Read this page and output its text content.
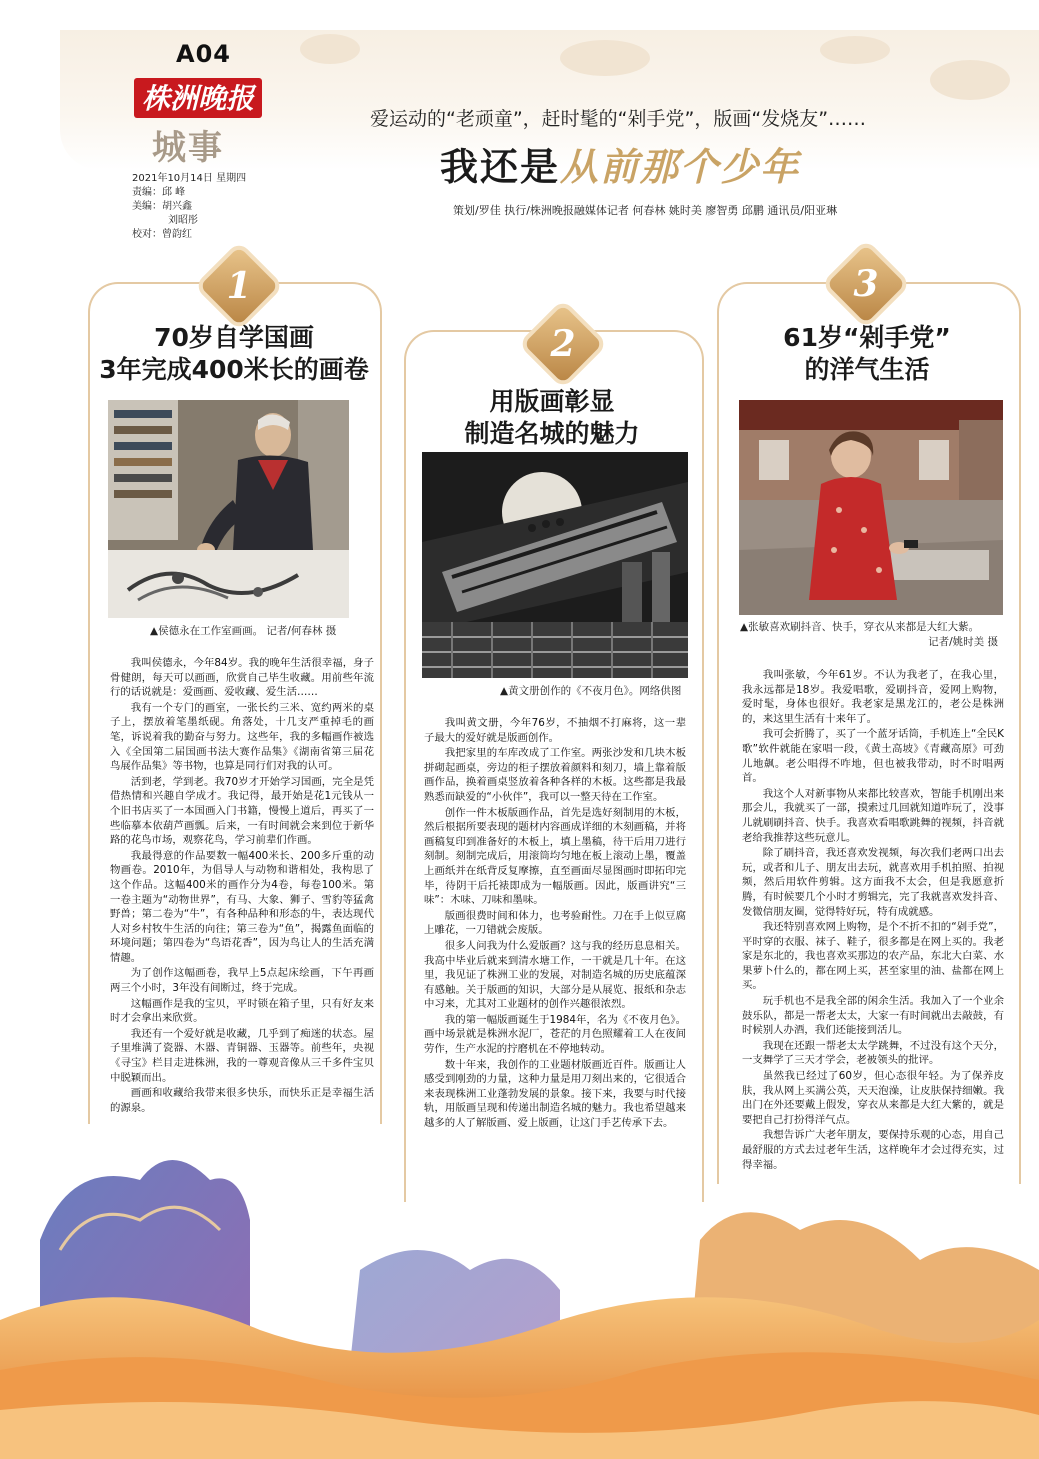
A04
株洲晚报
城事
2021年10月14日 星期四
责编：邱 峰
美编：胡兴鑫
刘昭彤
校对：曾韵红
爱运动的“老顽童”，赶时髦的“剁手党”，版画“发烧友”……
我还是从前那个少年
策划/罗佳 执行/株洲晚报融媒体记者 何春林 姚时美 廖智勇 邱鹏 通讯员/阳亚琳
1
2
3
70岁自学国画
3年完成400米长的画卷
▲侯德永在工作室画画。 记者/何春林 摄

我叫侯德永，今年84岁。我的晚年生活很幸福，身子骨健朗，每天可以画画，欣赏自己毕生收藏。用前些年流行的话说就是：爱画画、爱收藏、爱生活……

我有一个专门的画室，一张长约三米、宽约两米的桌子上，摆放着笔墨纸砚。角落处，十几支严重掉毛的画笔，诉说着我的勤奋与努力。这些年，我的多幅画作被选入《全国第二届国画书法大赛作品集》《湖南省第三届花鸟展作品集》等书物，也算是同行们对我的认可。

活到老，学到老。我70岁才开始学习国画，完全是凭借热情和兴趣自学成才。我记得，最开始是花1元钱从一个旧书店买了一本国画入门书籍，慢慢上道后，再买了一些临摹本依葫芦画瓢。后来，一有时间就会来到位于新华路的花鸟市场，观察花鸟，学习前辈们作画。

我最得意的作品要数一幅400米长、200多斤重的动物画卷。2010年，为倡导人与动物和谐相处，我构思了这个作品。这幅400米的画作分为4卷，每卷100米。第一卷主题为“动物世界”，有马、大象、狮子、雪豹等猛禽野兽；第二卷为“牛”，有各种品种和形态的牛，表达现代人对乡村牧牛生活的向往；第三卷为“鱼”，揭露鱼面临的环境问题；第四卷为“鸟语花香”，因为鸟让人的生活充满情趣。

为了创作这幅画卷，我早上5点起床绘画，下午再画两三个小时，3年没有间断过，终于完成。

这幅画作是我的宝贝，平时锁在箱子里，只有好友来时才会拿出来欣赏。

我还有一个爱好就是收藏，几乎到了痴迷的状态。屋子里堆满了瓷器、木器、青铜器、玉器等。前些年，央视《寻宝》栏目走进株洲，我的一尊观音像从三千多件宝贝中脱颖而出。

画画和收藏给我带来很多快乐，而快乐正是幸福生活的源泉。

用版画彰显
制造名城的魅力
▲黄文册创作的《不夜月色》。网络供图

我叫黄文册，今年76岁，不抽烟不打麻将，这一辈子最大的爱好就是版画创作。

我把家里的车库改成了工作室。两张沙发和几块木板拼砌起画桌，旁边的柜子摆放着颜料和刻刀，墙上靠着版画作品，换着画桌竖放着各种各样的木板。这些都是我最熟悉而缺爱的“小伙伴”，我可以一整天待在工作室。

创作一件木板版画作品，首先是选好刻制用的木板，然后根据所要表现的题材内容画成详细的木刻画稿，并将画稿复印到准备好的木板上，填上墨稿，待干后用刀进行刻制。刻制完成后，用滚筒均匀地在板上滚动上墨，覆盖上画纸并在纸背反复摩擦，直至画面尽显图画时即拓印完毕，待阴干后托裱即成为一幅版画。因此，版画讲究“三味”：木味、刀味和墨味。

版画很费时间和体力，也考验耐性。刀在手上似豆腐上雕花，一刀错就会废版。

很多人问我为什么爱版画？这与我的经历息息相关。我高中毕业后就来到清水塘工作，一干就是几十年。在这里，我见证了株洲工业的发展，对制造名城的历史底蕴深有感触。关于版画的知识，大部分是从展览、报纸和杂志中习来，尤其对工业题材的创作兴趣很浓烈。

我的第一幅版画诞生于1984年，名为《不夜月色》。画中场景就是株洲水泥厂，苍茫的月色照耀着工人在夜间劳作，生产水泥的拧磨机在不停地转动。

数十年来，我创作的工业题材版画近百件。版画让人感受到刚劲的力量，这种力量是用刀刻出来的，它很适合来表现株洲工业蓬勃发展的景象。接下来，我要与时代接轨，用版画呈现和传递出制造名城的魅力。我也希望越来越多的人了解版画、爱上版画，让这门手艺传承下去。

61岁“剁手党”
的洋气生活
▲张敏喜欢刷抖音、快手，穿衣从来都是大红大紫。
记者/姚时美 摄

我叫张敏，今年61岁。不认为我老了，在我心里，我永远都是18岁。我爱唱歌，爱刷抖音，爱网上购物，爱时髦，身体也很好。我老家是黑龙江的，老公是株洲的，来这里生活有十来年了。

我可会折腾了，买了一个蓝牙话筒，手机连上“全民K歌”软件就能在家唱一段，《黄土高坡》《青藏高原》可劲儿地飙。老公唱得不咋地，但也被我带动，时不时唱两首。

我这个人对新事物从来都比较喜欢，智能手机刚出来那会儿，我就买了一部，摸索过几回就知道咋玩了，没事儿就刷刷抖音、快手。我喜欢看唱歌跳舞的视频，抖音就老给我推荐这些玩意儿。

除了刷抖音，我还喜欢发视频，每次我们老两口出去玩，或者和儿子、朋友出去玩，就喜欢用手机拍照、拍视频，然后用软件剪辑。这方面我不太会，但是我愿意折腾，有时候要几个小时才剪辑完，完了我就喜欢发抖音、发微信朋友圈，觉得特好玩，特有成就感。

我还特别喜欢网上购物，是个不折不扣的“剁手党”，平时穿的衣服、袜子、鞋子，很多都是在网上买的。我老家是东北的，我也喜欢买那边的农产品，东北大白菜、水果萝卜什么的，都在网上买，甚至家里的油、盐都在网上买。

玩手机也不是我全部的闲余生活。我加入了一个业余鼓乐队，都是一帮老太太，大家一有时间就出去敲鼓，有时候别人办酒，我们还能接到活儿。

我现在还跟一帮老太太学跳舞，不过没有这个天分，一支舞学了三天才学会，老被领头的批评。

虽然我已经过了60岁，但心态很年轻。为了保养皮肤，我从网上买满公英，天天泡澡，让皮肤保持细嫩。我出门在外还要戴上假发，穿衣从来都是大红大紫的，就是要把自己打扮得洋气点。

我想告诉广大老年朋友，要保持乐观的心态，用自己最舒服的方式去过老年生活，这样晚年才会过得充实，过得幸福。
